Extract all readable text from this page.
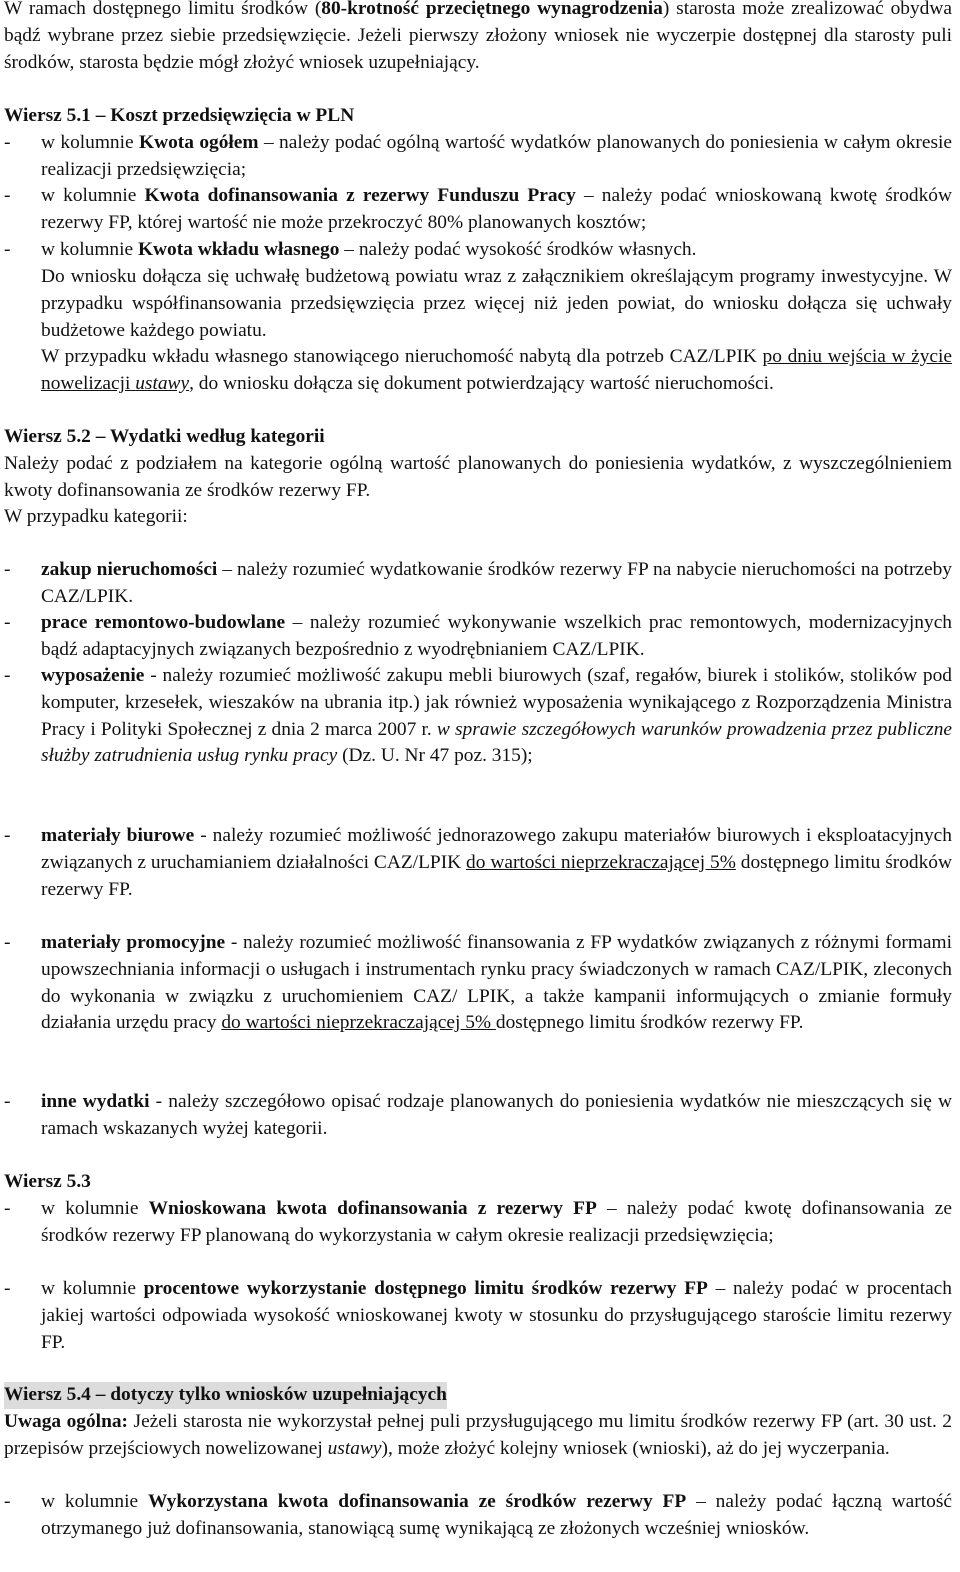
W ramach dostępnego limitu środków (80-krotność przeciętnego wynagrodzenia) starosta może zrealizować obydwa bądź wybrane przez siebie przedsięwzięcie. Jeżeli pierwszy złożony wniosek nie wyczerpie dostępnej dla starosty puli środków, starosta będzie mógł złożyć wniosek uzupełniający.
Wiersz 5.1 – Koszt przedsięwzięcia w PLN
- w kolumnie Kwota ogółem – należy podać ogólną wartość wydatków planowanych do poniesienia w całym okresie realizacji przedsięwzięcia;
- w kolumnie Kwota dofinansowania z rezerwy Funduszu Pracy – należy podać wnioskowaną kwotę środków rezerwy FP, której wartość nie może przekroczyć 80% planowanych kosztów;
- w kolumnie Kwota wkładu własnego – należy podać wysokość środków własnych.
Do wniosku dołącza się uchwałę budżetową powiatu wraz z załącznikiem określającym programy inwestycyjne. W przypadku współfinansowania przedsięwzięcia przez więcej niż jeden powiat, do wniosku dołącza się uchwały budżetowe każdego powiatu.
W przypadku wkładu własnego stanowiącego nieruchomość nabytą dla potrzeb CAZ/LPIK po dniu wejścia w życie nowelizacji ustawy, do wniosku dołącza się dokument potwierdzający wartość nieruchomości.
Wiersz 5.2 – Wydatki według kategorii
Należy podać z podziałem na kategorie ogólną wartość planowanych do poniesienia wydatków, z wyszczególnieniem kwoty dofinansowania ze środków rezerwy FP.
W przypadku kategorii:
- zakup nieruchomości – należy rozumieć wydatkowanie środków rezerwy FP na nabycie nieruchomości na potrzeby CAZ/LPIK.
- prace remontowo-budowlane – należy rozumieć wykonywanie wszelkich prac remontowych, modernizacyjnych bądź adaptacyjnych związanych bezpośrednio z wyodrębnianiem CAZ/LPIK.
- wyposażenie - należy rozumieć możliwość zakupu mebli biurowych (szaf, regałów, biurek i stolików, stolików pod komputer, krzesełek, wieszaków na ubrania itp.) jak również wyposażenia wynikającego z Rozporządzenia Ministra Pracy i Polityki Społecznej z dnia 2 marca 2007 r. w sprawie szczegółowych warunków prowadzenia przez publiczne służby zatrudnienia usług rynku pracy (Dz. U. Nr 47 poz. 315);
- materiały biurowe - należy rozumieć możliwość jednorazowego zakupu materiałów biurowych i eksploatacyjnych związanych z uruchamianiem działalności CAZ/LPIK do wartości nieprzekraczającej 5% dostępnego limitu środków rezerwy FP.
- materiały promocyjne - należy rozumieć możliwość finansowania z FP wydatków związanych z różnymi formami upowszechniania informacji o usługach i instrumentach rynku pracy świadczonych w ramach CAZ/LPIK, zleconych do wykonania w związku z uruchomieniem CAZ/ LPIK, a także kampanii informujących o zmianie formuły działania urzędu pracy do wartości nieprzekraczającej 5% dostępnego limitu środków rezerwy FP.
- inne wydatki - należy szczegółowo opisać rodzaje planowanych do poniesienia wydatków nie mieszczących się w ramach wskazanych wyżej kategorii.
Wiersz 5.3
- w kolumnie Wnioskowana kwota dofinansowania z rezerwy FP – należy podać kwotę dofinansowania ze środków rezerwy FP planowaną do wykorzystania w całym okresie realizacji przedsięwzięcia;
- w kolumnie procentowe wykorzystanie dostępnego limitu środków rezerwy FP – należy podać w procentach jakiej wartości odpowiada wysokość wnioskowanej kwoty w stosunku do przysługującego staroście limitu rezerwy FP.
Wiersz 5.4 – dotyczy tylko wniosków uzupełniających
Uwaga ogólna: Jeżeli starosta nie wykorzystał pełnej puli przysługującego mu limitu środków rezerwy FP (art. 30 ust. 2 przepisów przejściowych nowelizowanej ustawy), może złożyć kolejny wniosek (wnioski), aż do jej wyczerpania.
- w kolumnie Wykorzystana kwota dofinansowania ze środków rezerwy FP – należy podać łączną wartość otrzymanego już dofinansowania, stanowiącą sumę wynikającą ze złożonych wcześniej wniosków.
